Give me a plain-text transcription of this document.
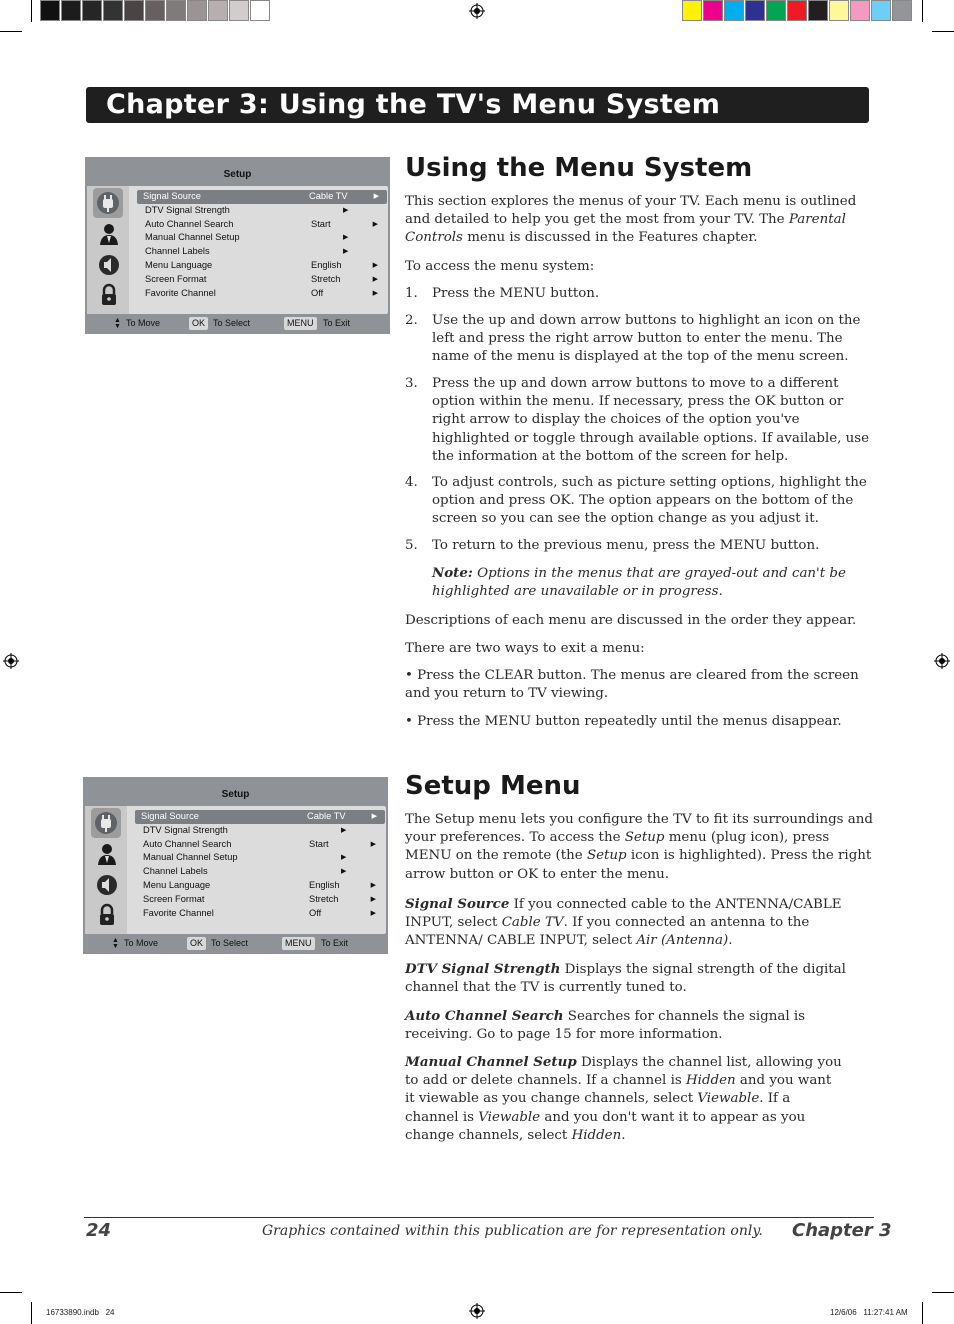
Chapter 3: Using the TV's Menu System
Setup
Signal Source	Cable TV	▶
DTV Signal Strength	▶
Auto Channel Search	Start	▶
Manual Channel Setup	▶
Channel Labels	▶
Menu Language	English	▶
Screen Format	Stretch	▶
Favorite Channel	Off	▶
▲
▼ To Move	OK To Select	MENU	To Exit
Using the Menu System

This section explores the menus of your TV. Each menu is outlined and detailed to help you get the most from your TV. The Parental Controls menu is discussed in the Features chapter.

To access the menu system:
1. Press the MENU button.
2. Use the up and down arrow buttons to highlight an icon on the left and press the right arrow button to enter the menu. The name of the menu is displayed at the top of the menu screen.
3. Press the up and down arrow buttons to move to a different option within the menu. If necessary, press the OK button or right arrow to display the choices of the option you've highlighted or toggle through available options. If available, use the information at the bottom of the screen for help.
4. To adjust controls, such as picture setting options, highlight the option and press OK. The option appears on the bottom of the screen so you can see the option change as you adjust it.
5. To return to the previous menu, press the MENU button.

Note: Options in the menus that are grayed-out and can't be highlighted are unavailable or in progress.

Descriptions of each menu are discussed in the order they appear.
There are two ways to exit a menu:
• Press the CLEAR button. The menus are cleared from the screen and you return to TV viewing.
• Press the MENU button repeatedly until the menus disappear.
Setup
Signal Source	Cable TV	▶
DTV Signal Strength	▶
Auto Channel Search	Start	▶
Manual Channel Setup	▶
Channel Labels	▶
Menu Language	English	▶
Screen Format	Stretch	▶
Favorite Channel	Off	▶
▲
▼ To Move	OK To Select	MENU	To Exit
Setup Menu

The Setup menu lets you configure the TV to fit its surroundings and your preferences. To access the Setup menu (plug icon), press MENU on the remote (the Setup icon is highlighted). Press the right arrow button or OK to enter the menu.

Signal Source If you connected cable to the ANTENNA/CABLE INPUT, select Cable TV. If you connected an antenna to the ANTENNA/ CABLE INPUT, select Air (Antenna).

DTV Signal Strength Displays the signal strength of the digital channel that the TV is currently tuned to.

Auto Channel Search Searches for channels the signal is receiving. Go to page 15 for more information.

Manual Channel Setup Displays the channel list, allowing you to add or delete channels. If a channel is Hidden and you want it viewable as you change channels, select Viewable. If a channel is Viewable and you don't want it to appear as you change channels, select Hidden.

24	Graphics contained within this publication are for representation only. Chapter 3
16733890.indb   24	12/6/06   11:27:41 AM
